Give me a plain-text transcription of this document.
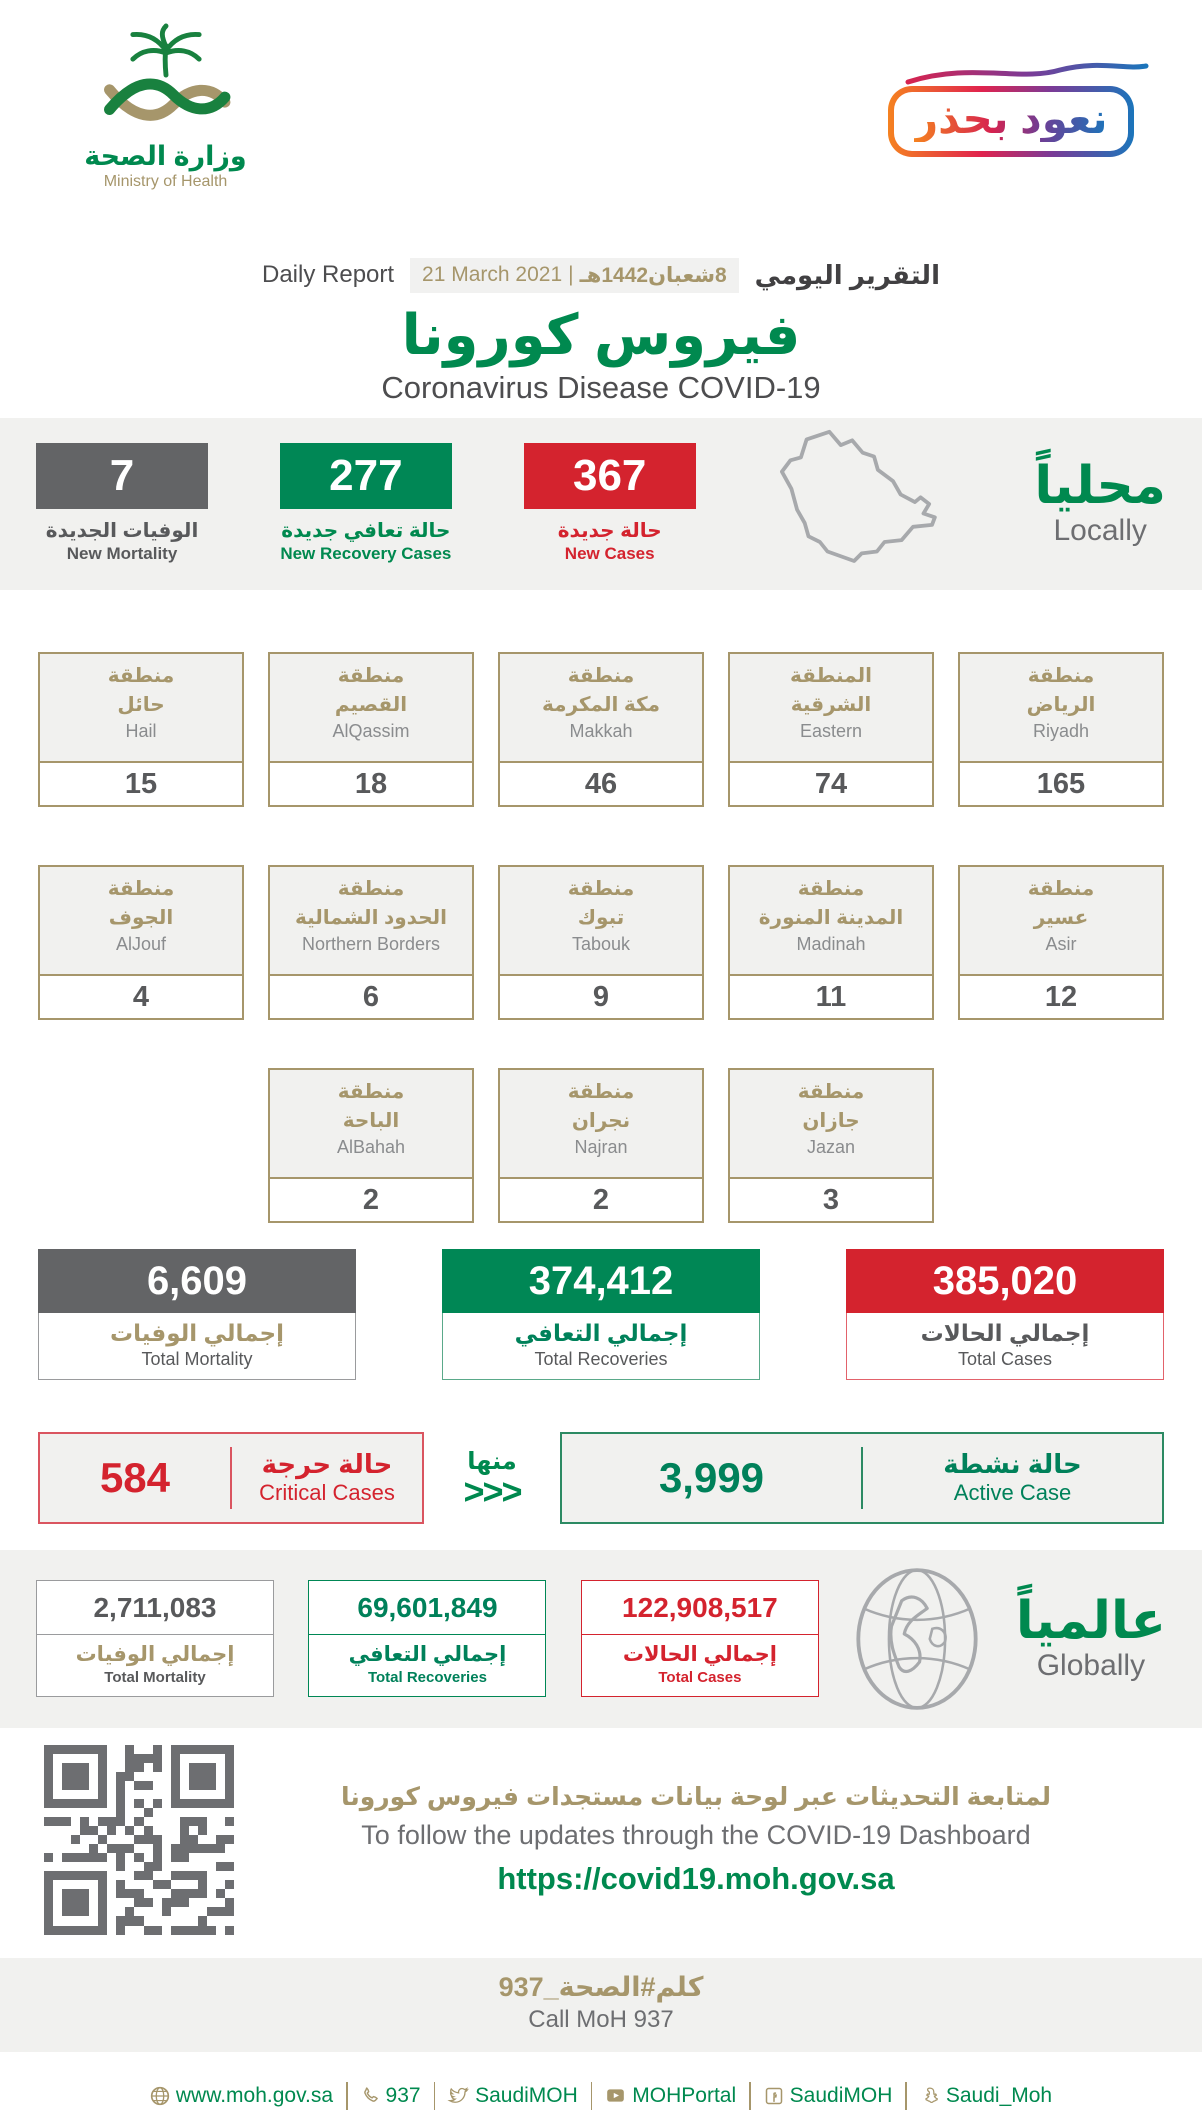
وزارة الصحة
Ministry of Health
نعود بحذر
Daily Report	8شعبان1442هـ
|
21 March 2021	التقرير اليومي
فيروس كورونا
Coronavirus Disease COVID-19
محلياً
Locally
367
حالة جديدة
New Cases
277
حالة تعافي جديدة
New Recovery Cases
7
الوفيات الجديدة
New Mortality
منطقة
الرياض
Riyadh
165
المنطقة
الشرقية
Eastern
74
منطقة
مكة المكرمة
Makkah
46
منطقة
القصيم
AlQassim
18
منطقة
حائل
Hail
15
منطقة
عسير
Asir
12
منطقة
المدينة المنورة
Madinah
11
منطقة
تبوك
Tabouk
9
منطقة
الحدود الشمالية
Northern Borders
6
منطقة
الجوف
AlJouf
4
منطقة
جازان
Jazan
3
منطقة
نجران
Najran
2
منطقة
الباحة
AlBahah
2
385,020
إجمالي الحالات
Total Cases
374,412
إجمالي التعافي
Total Recoveries
6,609
إجمالي الوفيات
Total Mortality
حالة نشطة
Active Case
3,999
منها
<<<
حالة حرجة
Critical Cases
584
عالمياً
Globally
122,908,517
إجمالي الحالات
Total Cases
69,601,849
إجمالي التعافي
Total Recoveries
2,711,083
إجمالي الوفيات
Total Mortality
لمتابعة التحديثات عبر لوحة بيانات مستجدات فيروس كورونا
To follow the updates through the COVID-19 Dashboard
https://covid19.moh.gov.sa
كلم#الصحة_937
Call MoH 937
www.moh.gov.sa	937	SaudiMOH	MOHPortal	SaudiMOH	Saudi_Moh
